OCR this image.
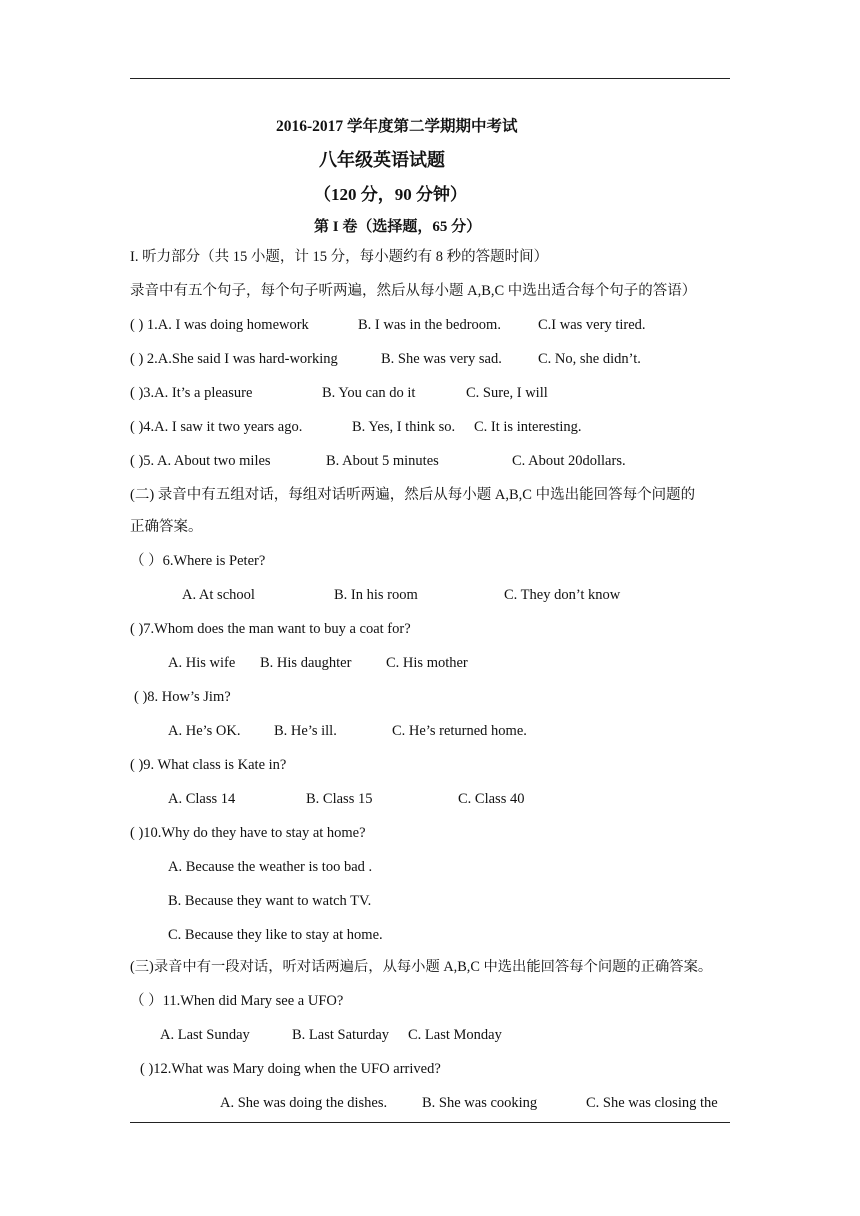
2016-2017 学年度第二学期期中考试
八年级英语试题
（120 分，90 分钟）
第 I 卷（选择题，65 分）
I. 听力部分（共 15 小题，计 15 分，每小题约有 8 秒的答题时间）
录音中有五个句子，每个句子听两遍，然后从每小题 A,B,C 中选出适合每个句子的答语）
( ) 1.A. I was doing homework	B. I was in the bedroom.	C.I was very tired.
( ) 2.A.She said I was hard-working	B. She was very sad. C. No, she didn’t.
( )3.A. It’s a pleasure	B. You can do it	C. Sure, I will
( )4.A. I saw it two years ago.	B. Yes, I think so. C. It is interesting.
( )5. A. About two miles	B. About 5 minutes	C. About 20dollars.
(二) 录音中有五组对话，每组对话听两遍，然后从每小题 A,B,C 中选出能回答每个问题的
正确答案。
（ ）6.Where is Peter?
A. At school	B. In his room	C. They don’t know
( )7.Whom does the man want to buy a coat for?
A. His wife B. His daughter C. His mother
( )8. How’s Jim?
A. He’s OK. B. He’s ill.	C. He’s returned home.
( )9. What class is Kate in?
A. Class 14	B. Class 15	C. Class 40
( )10.Why do they have to stay at home?
A. Because the weather is too bad .
B. Because they want to watch TV.
C. Because they like to stay at home.
(三)录音中有一段对话，听对话两遍后，从每小题 A,B,C 中选出能回答每个问题的正确答案。
（ ）11.When did Mary see a UFO?
A. Last Sunday	B. Last Saturday C. Last Monday
( )12.What was Mary doing when the UFO arrived?
A. She was doing the dishes. B. She was cooking	C. She was closing the
